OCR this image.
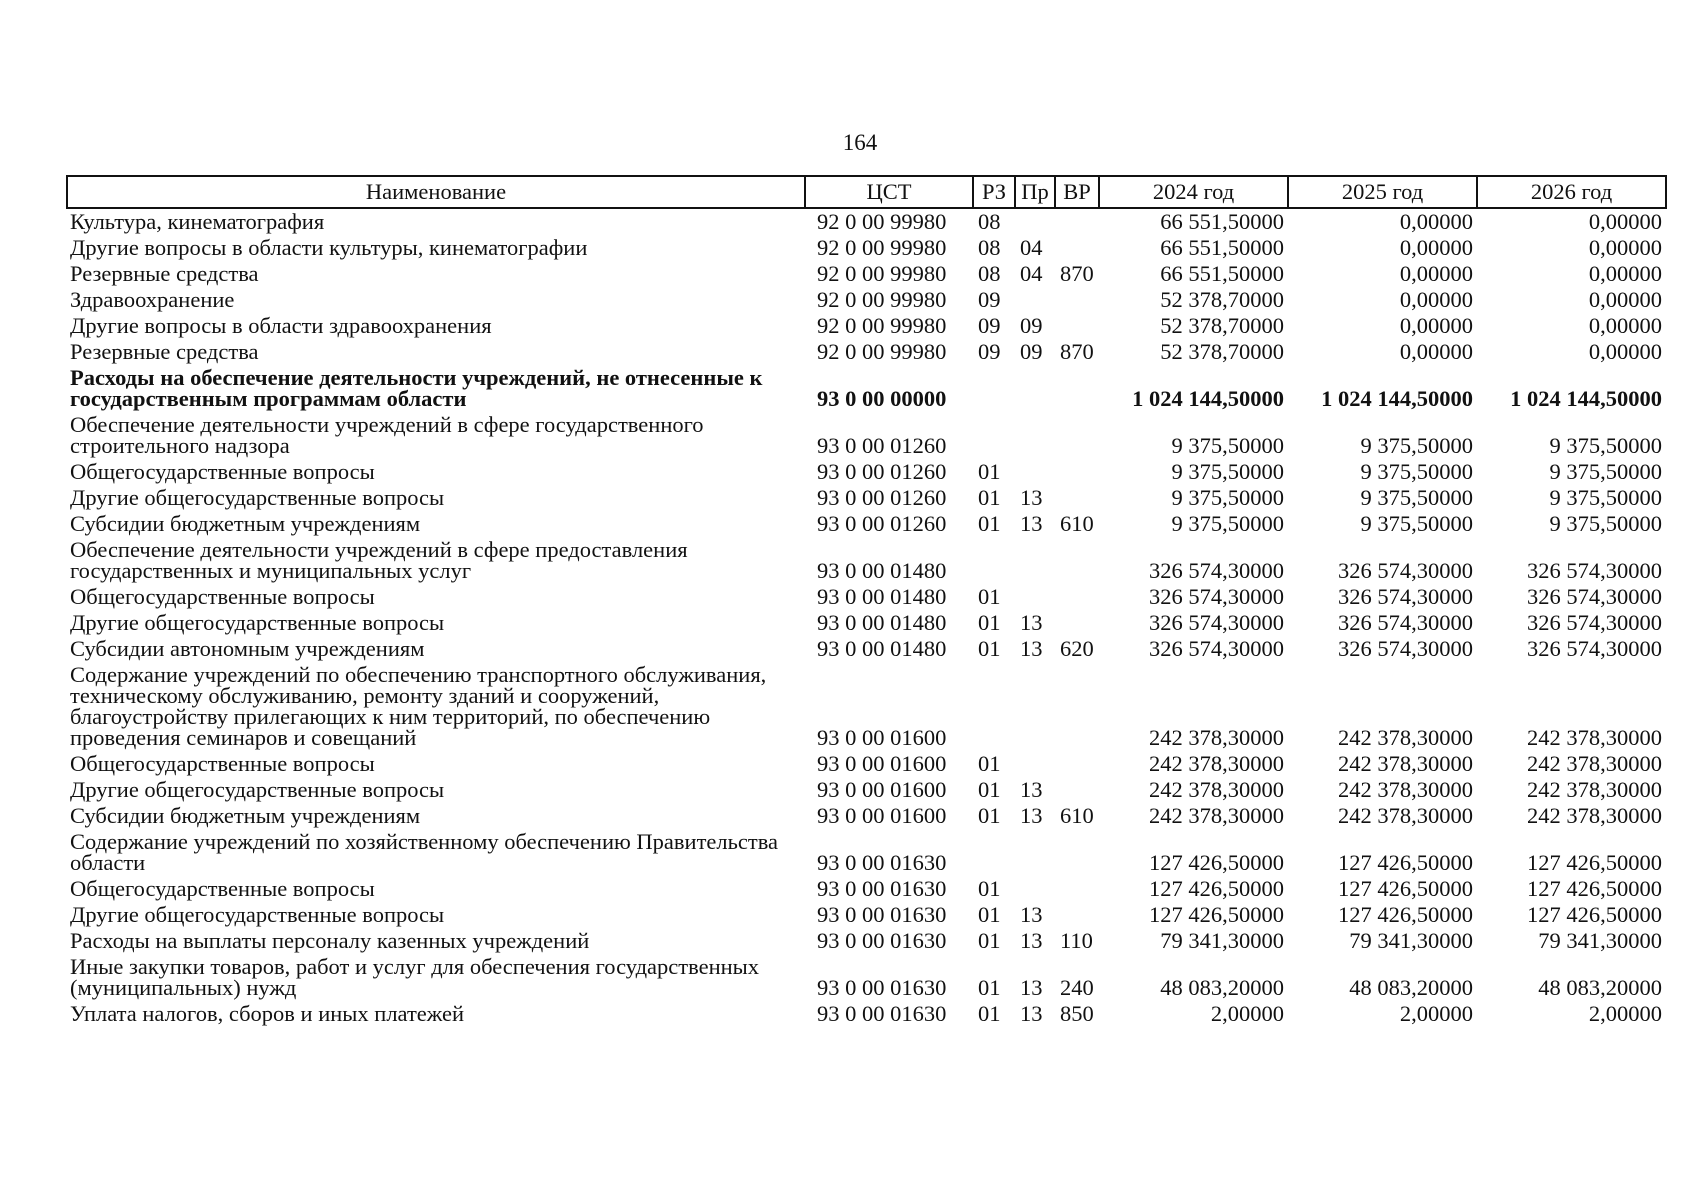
164
Наименование	ЦСТ	РЗ	Пр	ВР	2024 год	2025 год	2026 год
Культура, кинематография	92 0 00 99980	08			66 551,50000	0,00000	0,00000
Другие вопросы в области культуры, кинематографии	92 0 00 99980	08	04		66 551,50000	0,00000	0,00000
Резервные средства	92 0 00 99980	08	04	870	66 551,50000	0,00000	0,00000
Здравоохранение	92 0 00 99980	09			52 378,70000	0,00000	0,00000
Другие вопросы в области здравоохранения	92 0 00 99980	09	09		52 378,70000	0,00000	0,00000
Резервные средства	92 0 00 99980	09	09	870	52 378,70000	0,00000	0,00000
Расходы на обеспечение деятельности учреждений, не отнесенные к государственным программам области	93 0 00 00000				1 024 144,50000	1 024 144,50000	1 024 144,50000
Обеспечение деятельности учреждений в сфере государственного строительного надзора	93 0 00 01260				9 375,50000	9 375,50000	9 375,50000
Общегосударственные вопросы	93 0 00 01260	01			9 375,50000	9 375,50000	9 375,50000
Другие общегосударственные вопросы	93 0 00 01260	01	13		9 375,50000	9 375,50000	9 375,50000
Субсидии бюджетным учреждениям	93 0 00 01260	01	13	610	9 375,50000	9 375,50000	9 375,50000
Обеспечение деятельности учреждений в сфере предоставления государственных и муниципальных услуг	93 0 00 01480				326 574,30000	326 574,30000	326 574,30000
Общегосударственные вопросы	93 0 00 01480	01			326 574,30000	326 574,30000	326 574,30000
Другие общегосударственные вопросы	93 0 00 01480	01	13		326 574,30000	326 574,30000	326 574,30000
Субсидии автономным учреждениям	93 0 00 01480	01	13	620	326 574,30000	326 574,30000	326 574,30000
Содержание учреждений по обеспечению транспортного обслуживания, техническому обслуживанию, ремонту зданий и сооружений, благоустройству прилегающих к ним территорий, по обеспечению проведения семинаров и совещаний	93 0 00 01600				242 378,30000	242 378,30000	242 378,30000
Общегосударственные вопросы	93 0 00 01600	01			242 378,30000	242 378,30000	242 378,30000
Другие общегосударственные вопросы	93 0 00 01600	01	13		242 378,30000	242 378,30000	242 378,30000
Субсидии бюджетным учреждениям	93 0 00 01600	01	13	610	242 378,30000	242 378,30000	242 378,30000
Содержание учреждений по хозяйственному обеспечению Правительства области	93 0 00 01630				127 426,50000	127 426,50000	127 426,50000
Общегосударственные вопросы	93 0 00 01630	01			127 426,50000	127 426,50000	127 426,50000
Другие общегосударственные вопросы	93 0 00 01630	01	13		127 426,50000	127 426,50000	127 426,50000
Расходы на выплаты персоналу казенных учреждений	93 0 00 01630	01	13	110	79 341,30000	79 341,30000	79 341,30000
Иные закупки товаров, работ и услуг для обеспечения государственных (муниципальных) нужд	93 0 00 01630	01	13	240	48 083,20000	48 083,20000	48 083,20000
Уплата налогов, сборов и иных платежей	93 0 00 01630	01	13	850	2,00000	2,00000	2,00000
